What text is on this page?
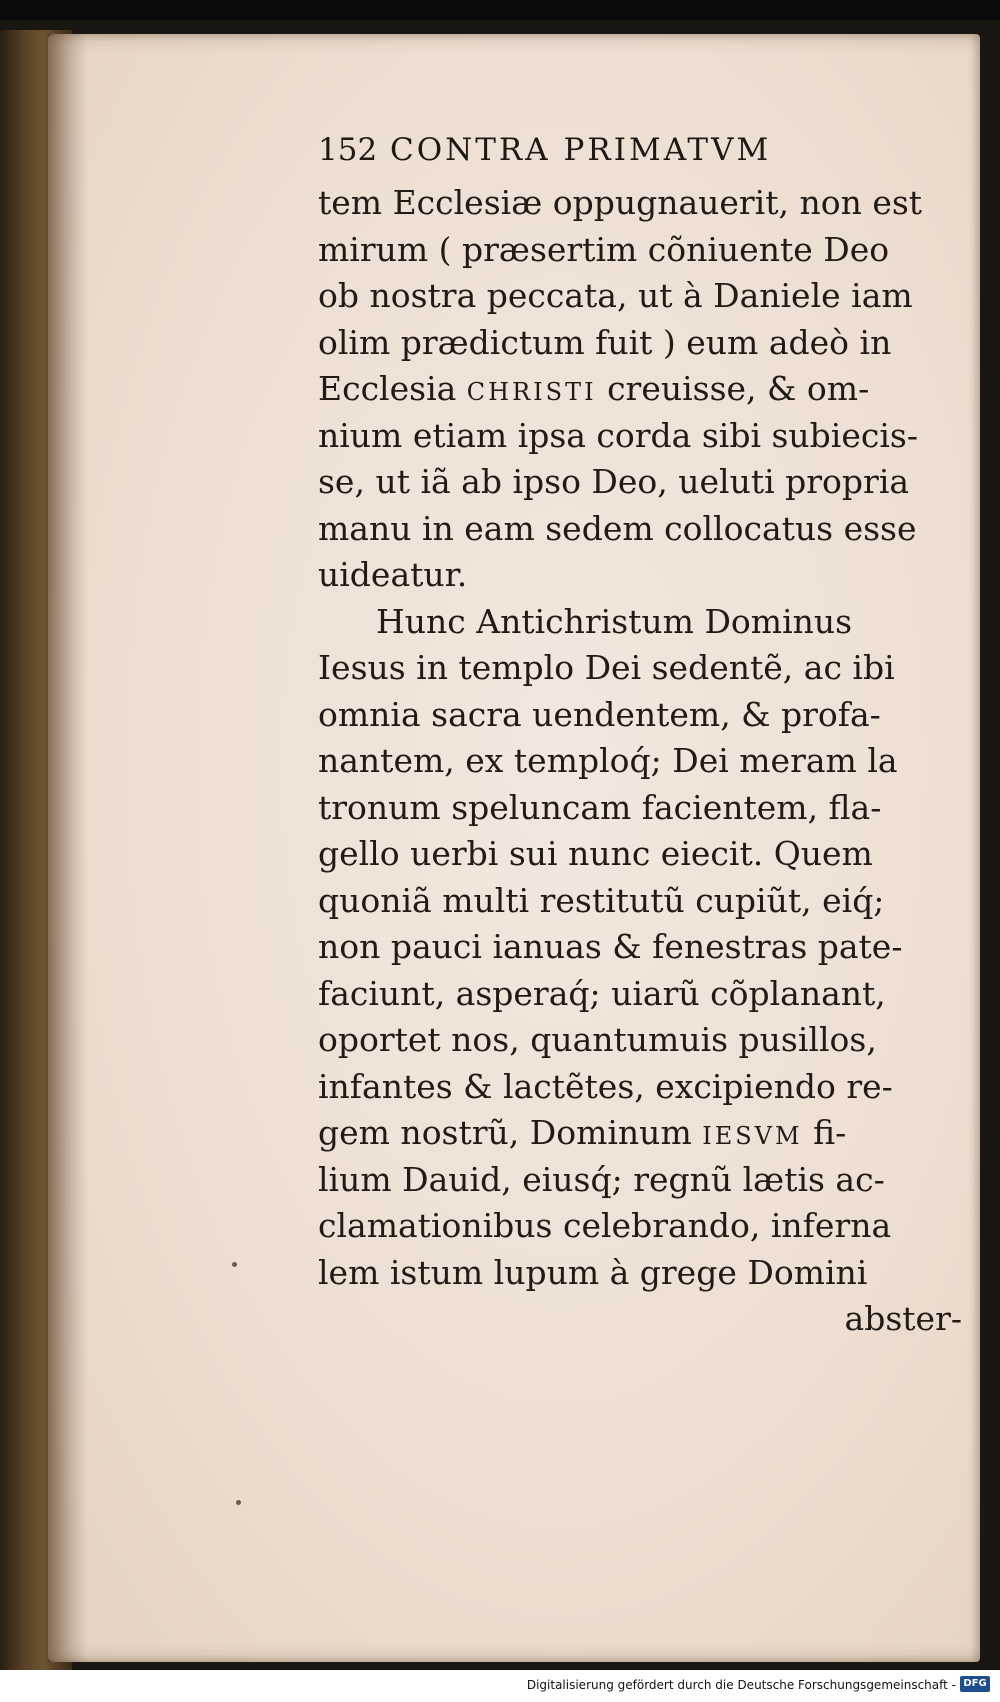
152 CONTRA PRIMATVM
tem Ecclesiæ oppugnauerit, non est
mirum ( præsertim cõniuente Deo
ob nostra peccata, ut à Daniele iam
olim prædictum fuit ) eum adeò in
Ecclesia CHRISTI creuisse, & om-
nium etiam ipsa corda sibi subiecis-
se, ut iã ab ipso Deo, ueluti propria
manu in eam sedem collocatus esse
uideatur.
Hunc Antichristum Dominus
Iesus in templo Dei sedentẽ, ac ibi
omnia sacra uendentem, & profa-
nantem, ex temploq́; Dei meram la
tronum speluncam facientem, fla-
gello uerbi sui nunc eiecit. Quem
quoniã multi restitutũ cupiũt, eiq́;
non pauci ianuas & fenestras pate-
faciunt, asperaq́; uiarũ cõplanant,
oportet nos, quantumuis pusillos,
infantes & lactẽtes, excipiendo re-
gem nostrũ, Dominum IESVM fi-
lium Dauid, eiusq́; regnũ lætis ac-
clamationibus celebrando, inferna
lem istum lupum à grege Domini
abster-
Digitalisierung gefördert durch die Deutsche Forschungsgemeinschaft - DFG
